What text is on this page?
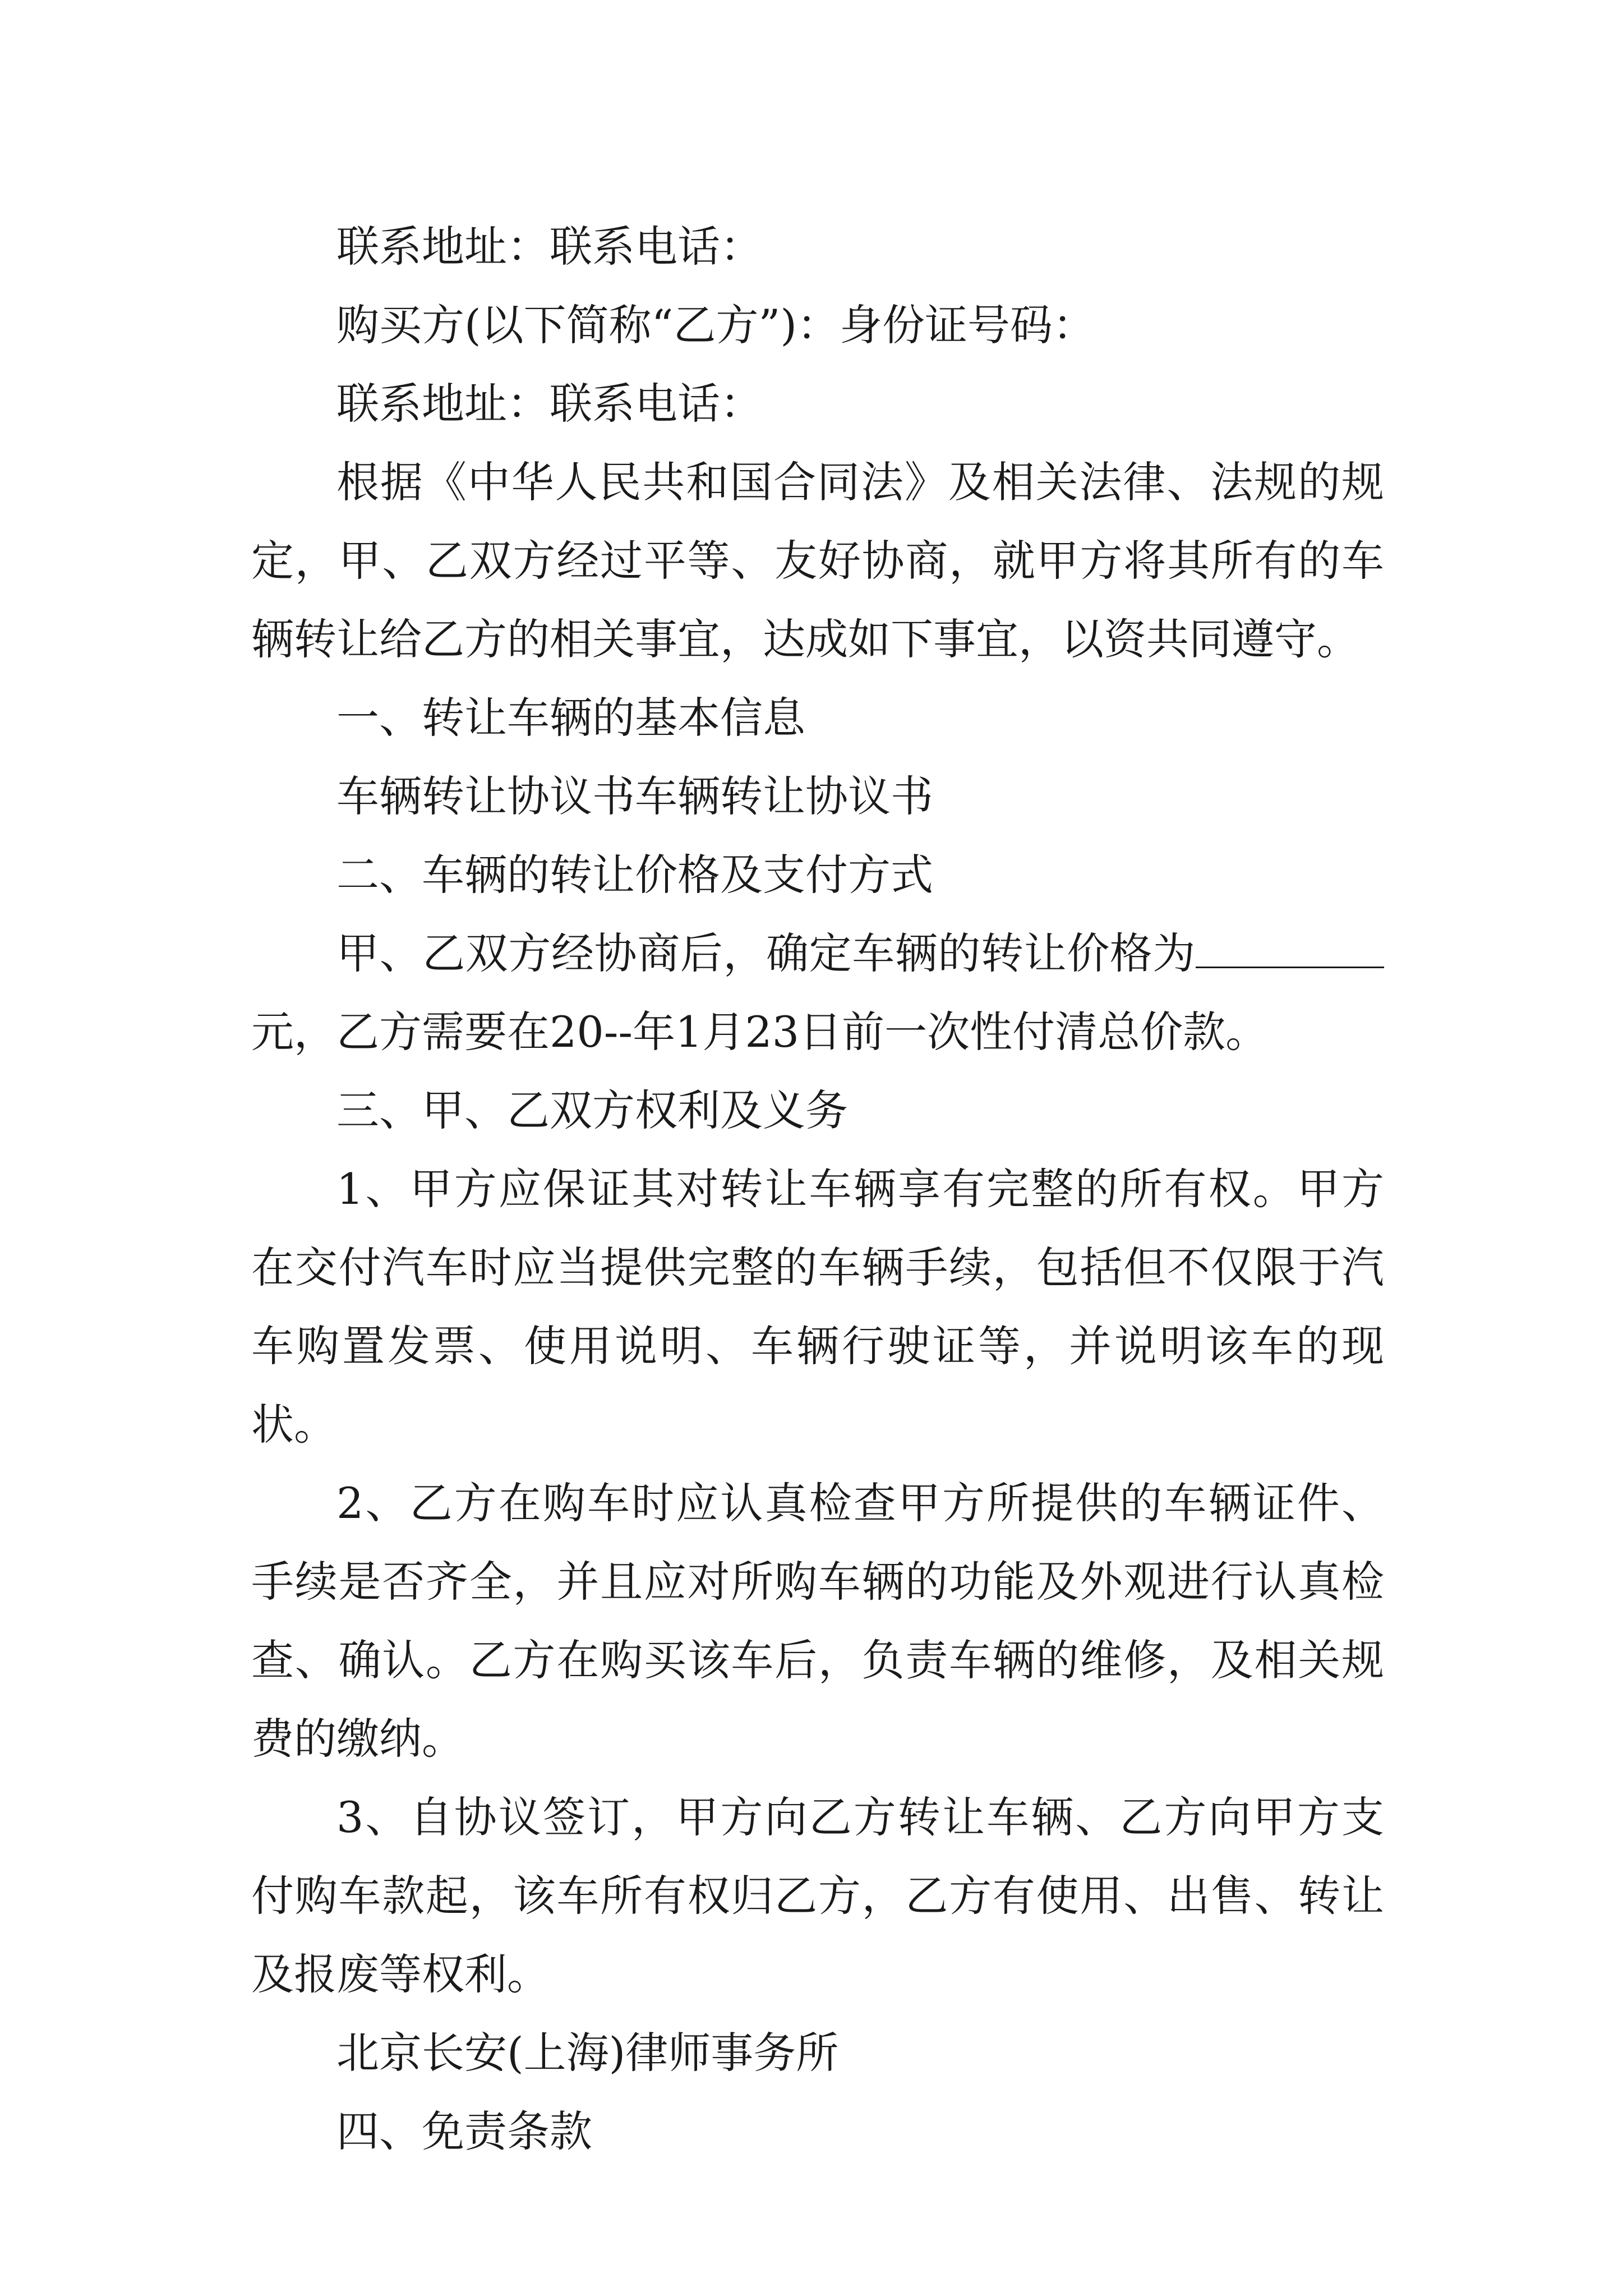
联系地址：联系电话：

购买方(以下简称“乙方”)：身份证号码：

联系地址：联系电话：

根据《中华人民共和国合同法》及相关法律、法规的规定，甲、乙双方经过平等、友好协商，就甲方将其所有的车辆转让给乙方的相关事宜，达成如下事宜，以资共同遵守。

一、转让车辆的基本信息

车辆转让协议书车辆转让协议书

二、车辆的转让价格及支付方式

甲、乙双方经协商后，确定车辆的转让价格为元，乙方需要在20--年1月23日前一次性付清总价款。

三、甲、乙双方权利及义务

1、甲方应保证其对转让车辆享有完整的所有权。甲方在交付汽车时应当提供完整的车辆手续，包括但不仅限于汽车购置发票、使用说明、车辆行驶证等，并说明该车的现状。

2、乙方在购车时应认真检查甲方所提供的车辆证件、手续是否齐全，并且应对所购车辆的功能及外观进行认真检查、确认。乙方在购买该车后，负责车辆的维修，及相关规费的缴纳。

3、自协议签订，甲方向乙方转让车辆、乙方向甲方支付购车款起，该车所有权归乙方，乙方有使用、出售、转让及报废等权利。

北京长安(上海)律师事务所

四、免责条款
